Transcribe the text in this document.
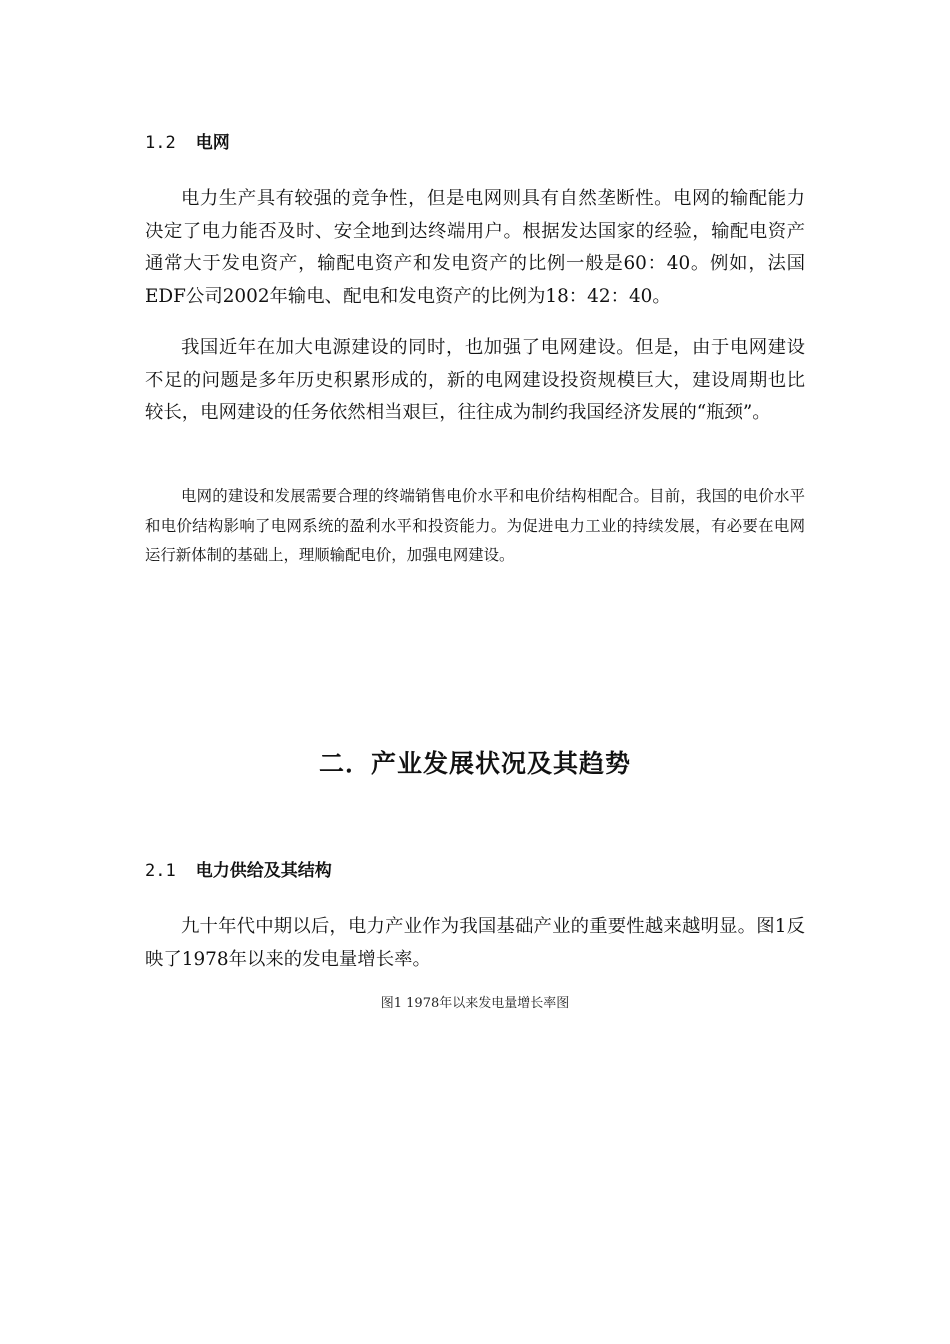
1.2 电网

电力生产具有较强的竞争性，但是电网则具有自然垄断性。电网的输配能力决定了电力能否及时、安全地到达终端用户。根据发达国家的经验，输配电资产通常大于发电资产，输配电资产和发电资产的比例一般是60：40。例如，法国EDF公司2002年输电、配电和发电资产的比例为18：42：40。

我国近年在加大电源建设的同时，也加强了电网建设。但是，由于电网建设不足的问题是多年历史积累形成的，新的电网建设投资规模巨大，建设周期也比较长，电网建设的任务依然相当艰巨，往往成为制约我国经济发展的“瓶颈”。

电网的建设和发展需要合理的终端销售电价水平和电价结构相配合。目前，我国的电价水平和电价结构影响了电网系统的盈利水平和投资能力。为促进电力工业的持续发展，有必要在电网运行新体制的基础上，理顺输配电价，加强电网建设。

二．产业发展状况及其趋势
2.1 电力供给及其结构

九十年代中期以后，电力产业作为我国基础产业的重要性越来越明显。图1反映了1978年以来的发电量增长率。

图1 1978年以来发电量增长率图
